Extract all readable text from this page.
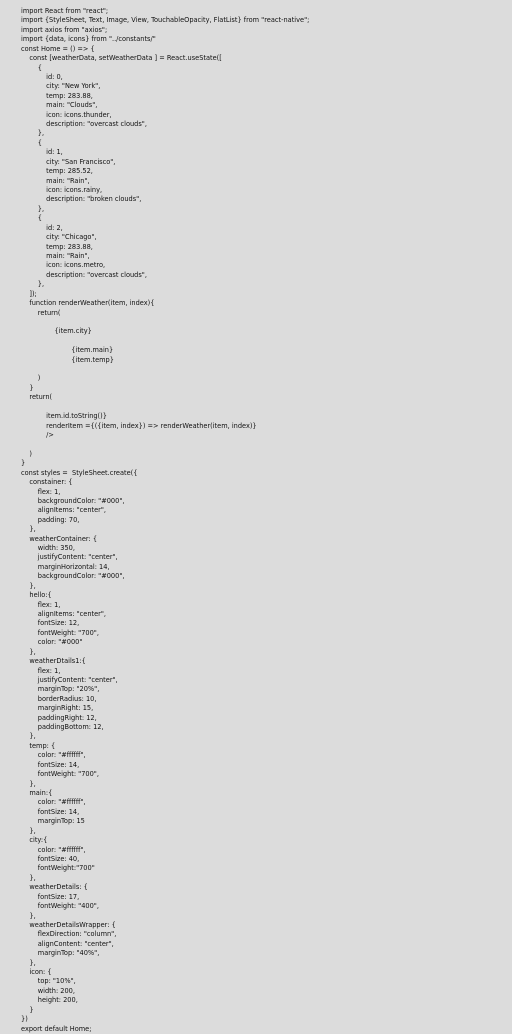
import React from "react";
import {StyleSheet, Text, Image, View, TouchableOpacity, FlatList} from "react-native";
import axios from "axios";
import {data, icons} from "../constants/"
const Home = () => {
const [weatherData, setWeatherData ] = React.useState([
{
id: 0,
city: "New York",
temp: 283.88,
main: "Clouds",
icon: icons.thunder,
description: "overcast clouds",
},
{
id: 1,
city: "San Francisco",
temp: 285.52,
main: "Rain",
icon: icons.rainy,
description: "broken clouds",
},
{
id: 2,
city: "Chicago",
temp: 283.88,
main: "Rain",
icon: icons.metro,
description: "overcast clouds",
},
]);
function renderWeather(item, index){
return(
{item.city}
{item.main}
{item.temp}
)
}
return(
item.id.toString()}
renderItem ={({item, index}) => renderWeather(item, index)}
/>
)
}
const styles =  StyleSheet.create({
constainer: {
flex: 1,
backgroundColor: "#000",
alignItems: "center",
padding: 70,
},
weatherContainer: {
width: 350,
justifyContent: "center",
marginHorizontal: 14,
backgroundColor: "#000",
},
hello:{
flex: 1,
alignItems: "center",
fontSize: 12,
fontWeight: "700",
color: "#000"
},
weatherDtails1:{
flex: 1,
justifyContent: "center",
marginTop: "20%",
borderRadius: 10,
marginRight: 15,
paddingRight: 12,
paddingBottom: 12,
},
temp: {
color: "#ffffff",
fontSize: 14,
fontWeight: "700",
},
main:{
color: "#ffffff",
fontSize: 14,
marginTop: 15
},
city:{
color: "#ffffff",
fontSize: 40,
fontWeight:"700"
},
weatherDetails: {
fontSize: 17,
fontWeight: "400",
},
weatherDetailsWrapper: {
flexDirection: "column",
alignContent: "center",
marginTop: "40%",
},
icon: {
top: "10%",
width: 200,
height: 200,
}
})
export default Home;
